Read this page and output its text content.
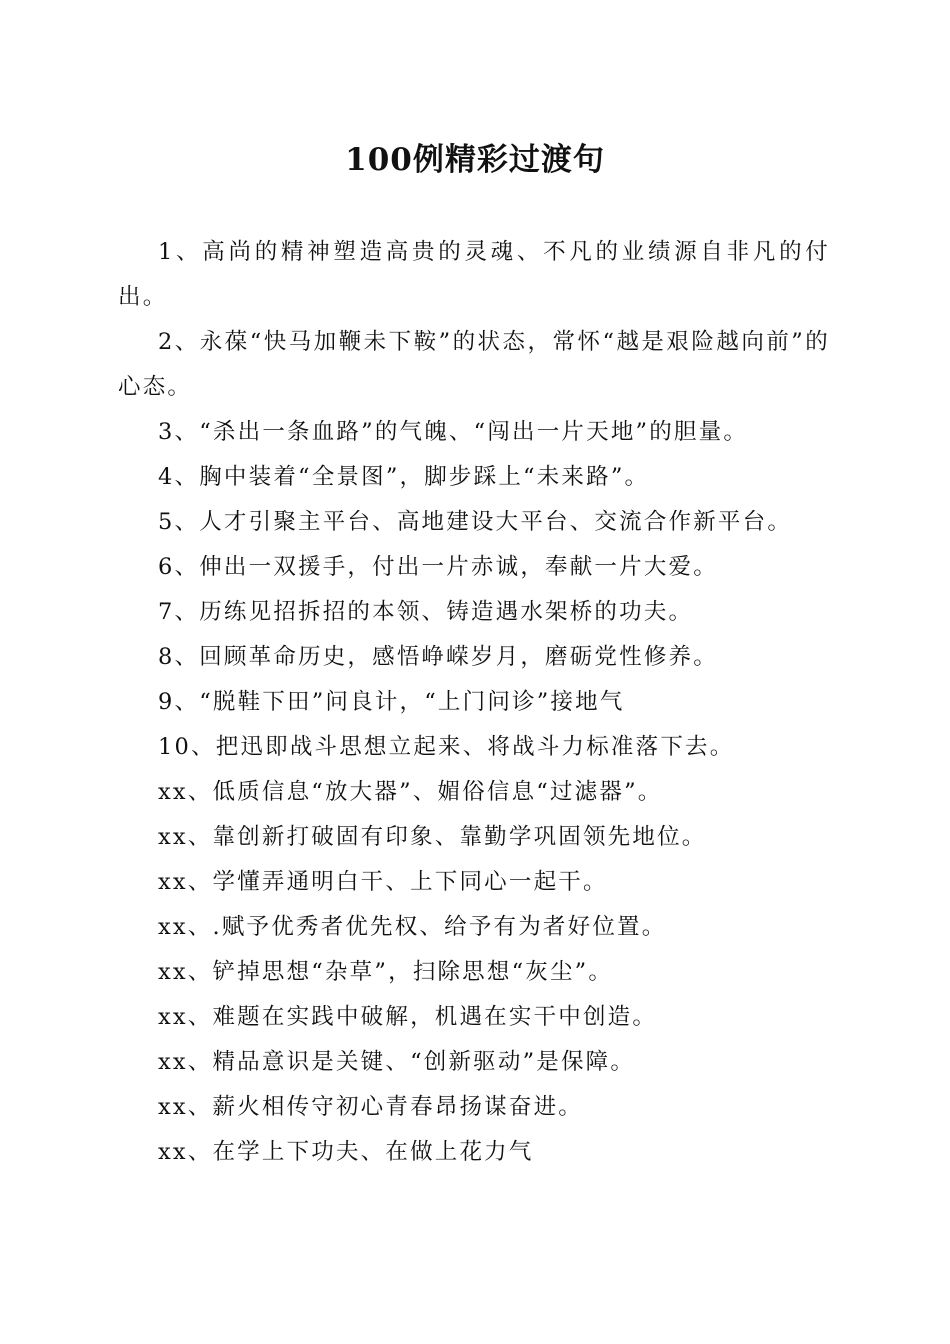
100例精彩过渡句

1、高尚的精神塑造高贵的灵魂、不凡的业绩源自非凡的付出。

2、永葆“快马加鞭未下鞍”的状态，常怀“越是艰险越向前”的心态。

3、“杀出一条血路”的气魄、“闯出一片天地”的胆量。

4、胸中装着“全景图”，脚步踩上“未来路”。

5、人才引聚主平台、高地建设大平台、交流合作新平台。

6、伸出一双援手，付出一片赤诚，奉献一片大爱。

7、历练见招拆招的本领、铸造遇水架桥的功夫。

8、回顾革命历史，感悟峥嵘岁月，磨砺党性修养。

9、“脱鞋下田”问良计，“上门问诊”接地气

10、把迅即战斗思想立起来、将战斗力标准落下去。

xx、低质信息“放大器”、媚俗信息“过滤器”。

xx、靠创新打破固有印象、靠勤学巩固领先地位。

xx、学懂弄通明白干、上下同心一起干。

xx、.赋予优秀者优先权、给予有为者好位置。

xx、铲掉思想“杂草”，扫除思想“灰尘”。

xx、难题在实践中破解，机遇在实干中创造。

xx、精品意识是关键、“创新驱动”是保障。

xx、薪火相传守初心青春昂扬谋奋进。

xx、在学上下功夫、在做上花力气
